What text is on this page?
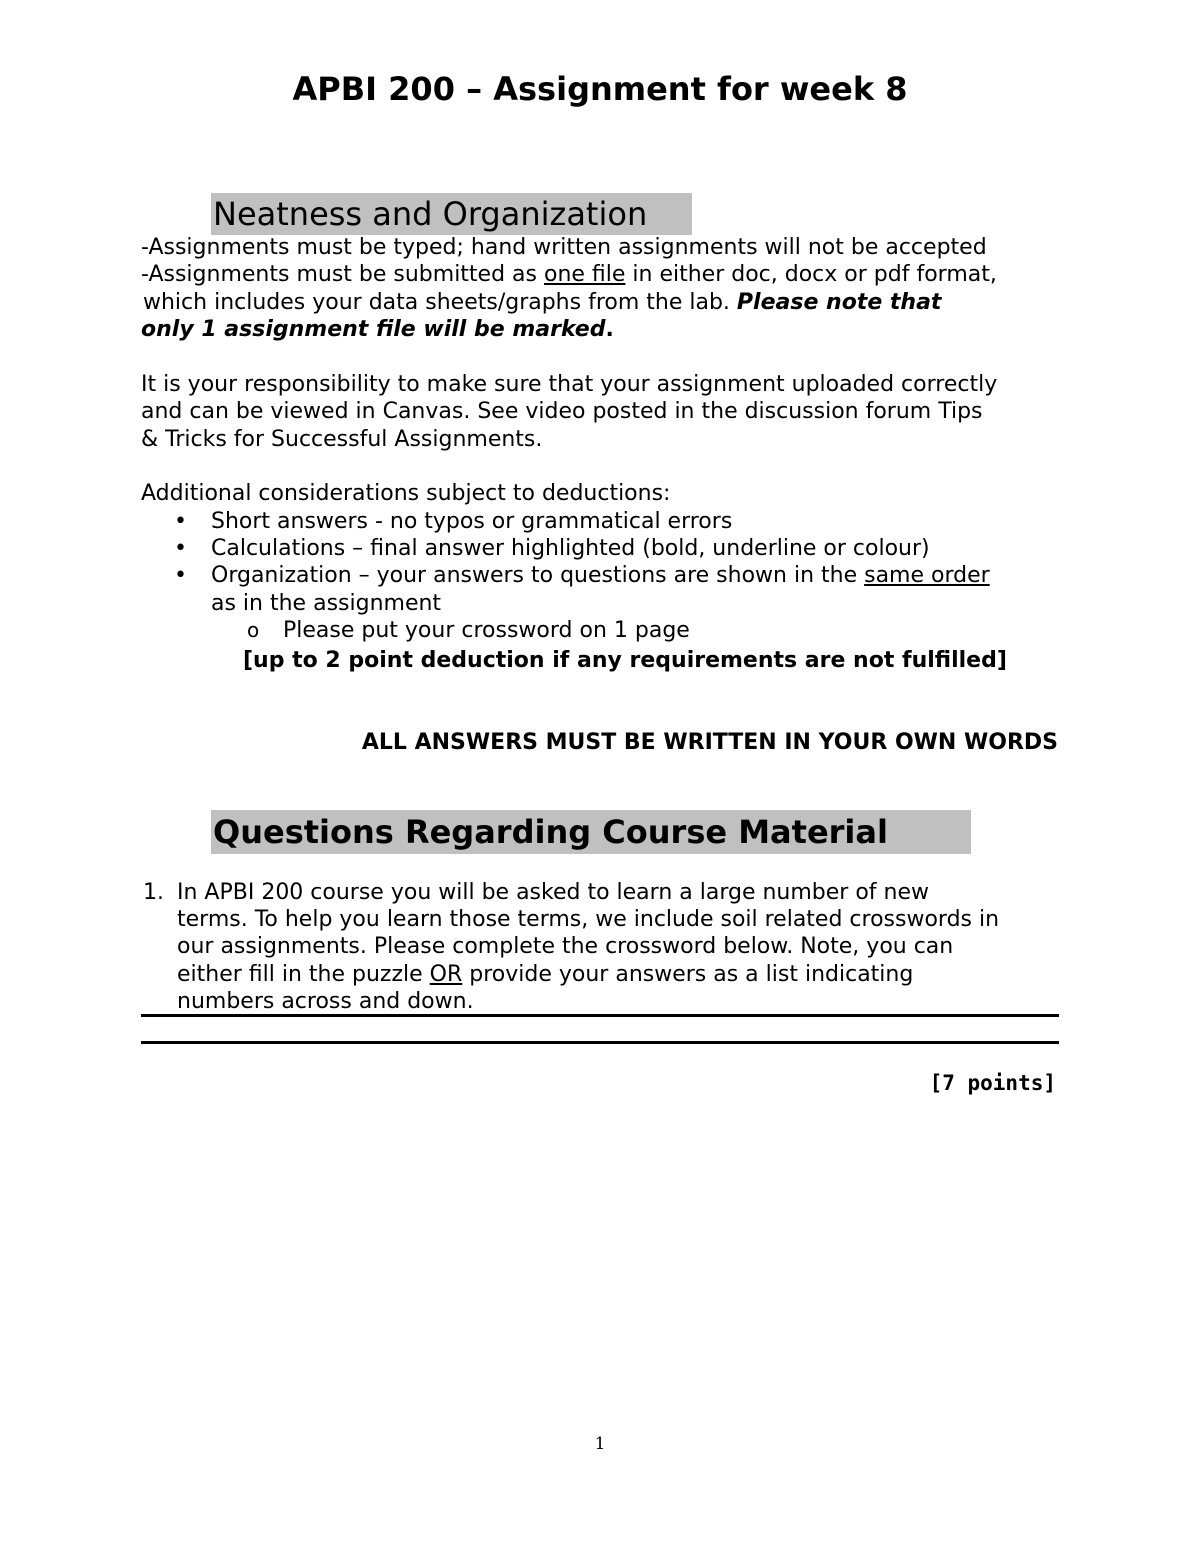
APBI 200 – Assignment for week 8
Neatness and Organization
-Assignments must be typed; hand written assignments will not be accepted
-Assignments must be submitted as one file in either doc, docx or pdf format,
which includes your data sheets/graphs from the lab. Please note that
only 1 assignment file will be marked.
It is your responsibility to make sure that your assignment uploaded correctly
and can be viewed in Canvas. See video posted in the discussion forum Tips
& Tricks for Successful Assignments.
Additional considerations subject to deductions:
• Short answers - no typos or grammatical errors
• Calculations – final answer highlighted (bold, underline or colour)
• Organization – your answers to questions are shown in the same order
as in the assignment
o Please put your crossword on 1 page
[up to 2 point deduction if any requirements are not fulfilled]
ALL ANSWERS MUST BE WRITTEN IN YOUR OWN WORDS
Questions Regarding Course Material
1. In APBI 200 course you will be asked to learn a large number of new
terms. To help you learn those terms, we include soil related crosswords in
our assignments. Please complete the crossword below. Note, you can
either fill in the puzzle OR provide your answers as a list indicating
numbers across and down.
[7 points]
1
